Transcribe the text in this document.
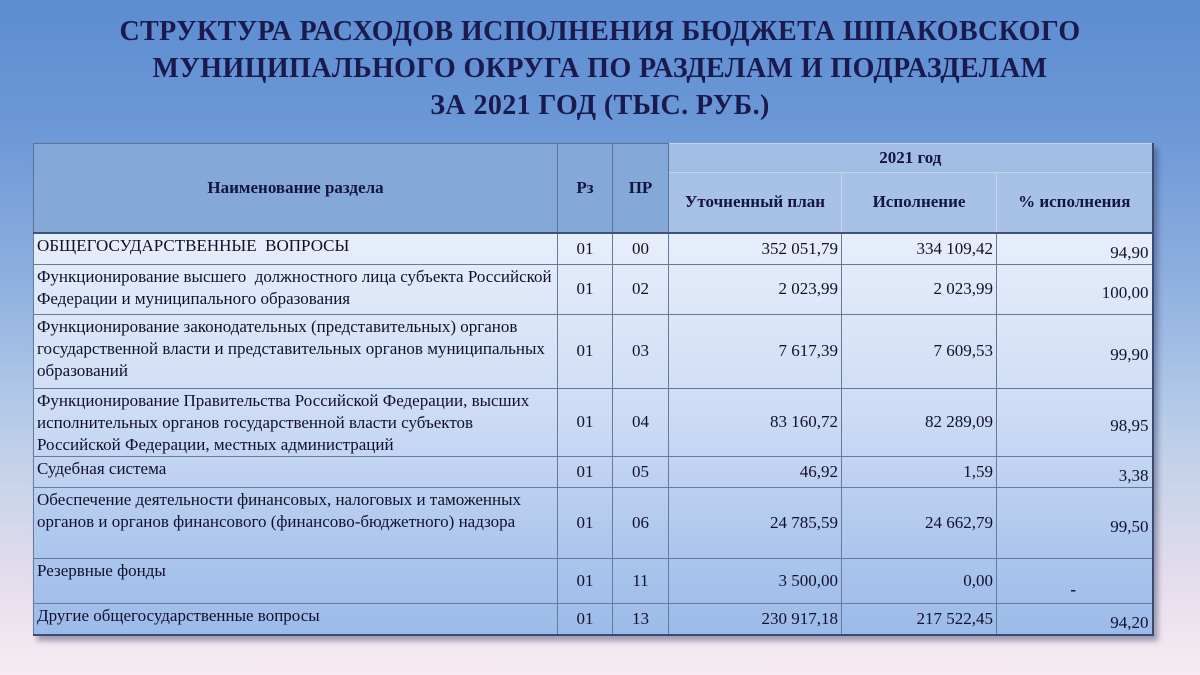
СТРУКТУРА РАСХОДОВ ИСПОЛНЕНИЯ БЮДЖЕТА ШПАКОВСКОГО
МУНИЦИПАЛЬНОГО ОКРУГА ПО РАЗДЕЛАМ И ПОДРАЗДЕЛАМ
ЗА 2021 ГОД (ТЫС. РУБ.)
Наименование раздела	Рз	ПР	2021 год		
			Уточненный план	Исполнение	% исполнения
ОБЩЕГОСУДАРСТВЕННЫЕ  ВОПРОСЫ	01	00	352 051,79	334 109,42	94,90
Функционирование высшего  должностного лица субъекта Российской Федерации и муниципального образования	01	02	2 023,99	2 023,99	100,00
Функционирование законодательных (представительных) органов государственной власти и представительных органов муниципальных образований	01	03	7 617,39	7 609,53	99,90
Функционирование Правительства Российской Федерации, высших  исполнительных органов государственной власти субъектов Российской Федерации, местных администраций	01	04	83 160,72	82 289,09	98,95
Судебная система	01	05	46,92	1,59	3,38
Обеспечение деятельности финансовых, налоговых и таможенных органов и органов финансового (финансово-бюджетного) надзора	01	06	24 785,59	24 662,79	99,50
Резервные фонды	01	11	3 500,00	0,00	-
Другие общегосударственные вопросы	01	13	230 917,18	217 522,45	94,20
